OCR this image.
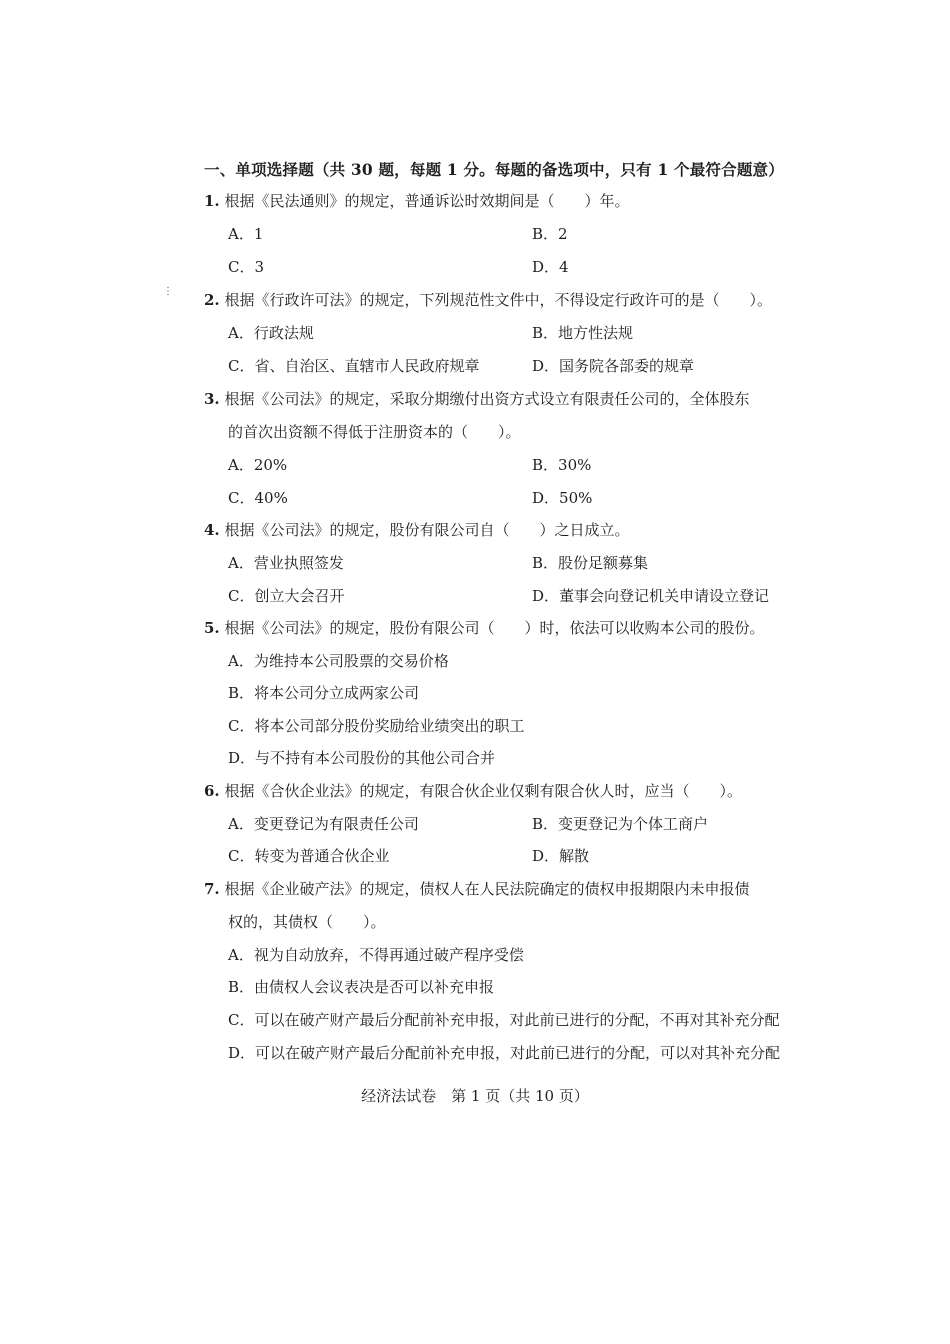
⋮
一、单项选择题（共 30 题，每题 1 分。每题的备选项中，只有 1 个最符合题意）
1. 根据《民法通则》的规定，普通诉讼时效期间是（　　）年。
A．1	B．2
C．3	D．4
2. 根据《行政许可法》的规定，下列规范性文件中，不得设定行政许可的是（　　）。
A．行政法规	B．地方性法规
C．省、自治区、直辖市人民政府规章	D．国务院各部委的规章
3. 根据《公司法》的规定，采取分期缴付出资方式设立有限责任公司的，全体股东
的首次出资额不得低于注册资本的（　　）。
A．20%	B．30%
C．40%	D．50%
4. 根据《公司法》的规定，股份有限公司自（　　）之日成立。
A．营业执照签发	B．股份足额募集
C．创立大会召开	D．董事会向登记机关申请设立登记
5. 根据《公司法》的规定，股份有限公司（　　）时，依法可以收购本公司的股份。
A．为维持本公司股票的交易价格
B．将本公司分立成两家公司
C．将本公司部分股份奖励给业绩突出的职工
D．与不持有本公司股份的其他公司合并
6. 根据《合伙企业法》的规定，有限合伙企业仅剩有限合伙人时，应当（　　）。
A．变更登记为有限责任公司	B．变更登记为个体工商户
C．转变为普通合伙企业	D．解散
7. 根据《企业破产法》的规定，债权人在人民法院确定的债权申报期限内未申报债
权的，其债权（　　）。
A．视为自动放弃，不得再通过破产程序受偿
B．由债权人会议表决是否可以补充申报
C．可以在破产财产最后分配前补充申报，对此前已进行的分配，不再对其补充分配
D．可以在破产财产最后分配前补充申报，对此前已进行的分配，可以对其补充分配
经济法试卷　第 1 页（共 10 页）
